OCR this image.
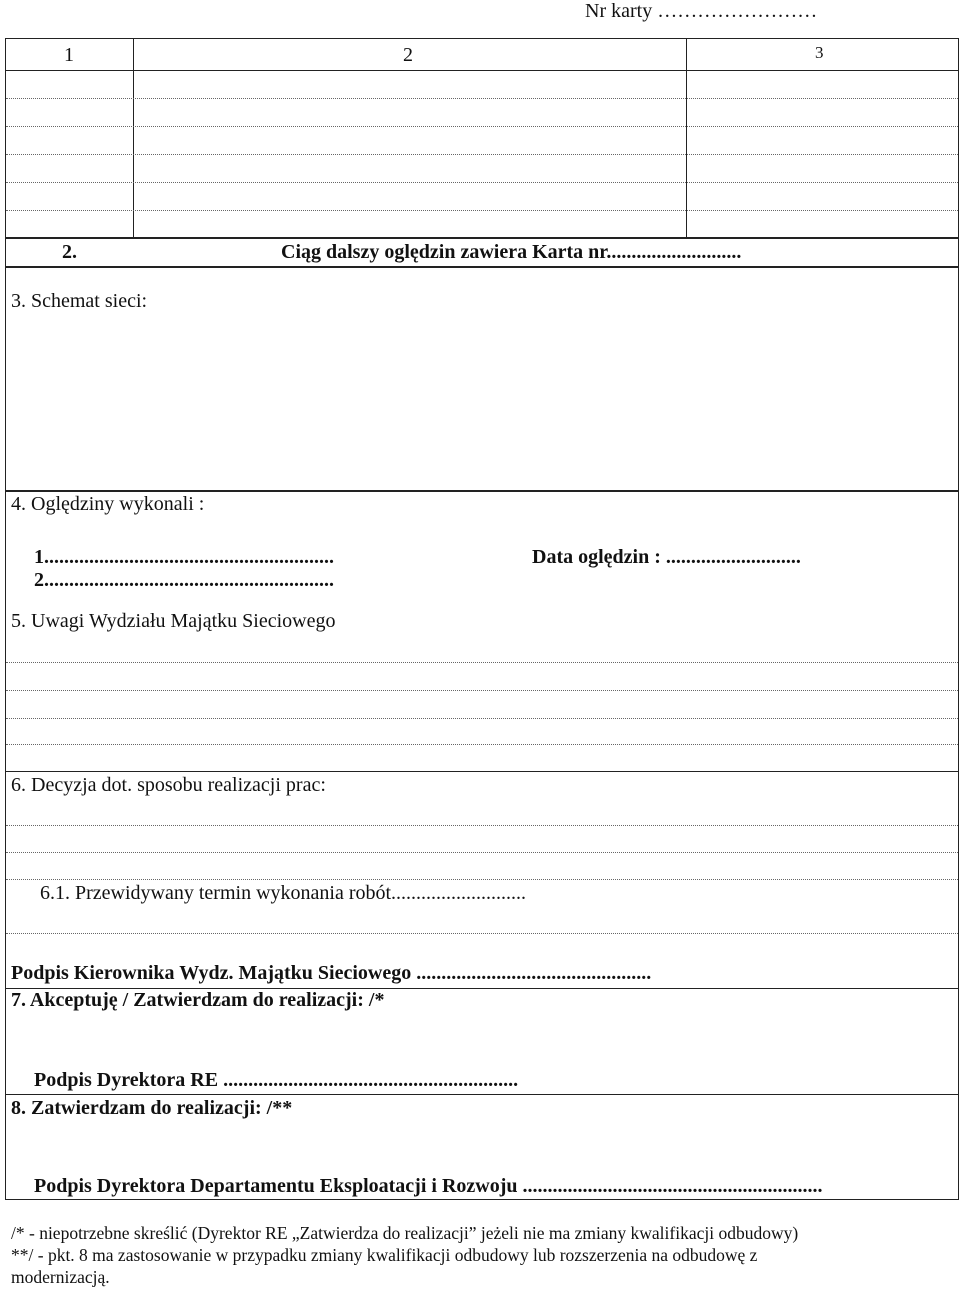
Nr karty ……………………
1	2	3
2.	Ciąg dalszy oględzin zawiera Karta nr...........................
3. Schemat sieci:
4. Oględziny wykonali :
1..........................................................	Data oględzin : ...........................
2..........................................................
5. Uwagi Wydziału Majątku Sieciowego
6. Decyzja dot. sposobu realizacji prac:
6.1. Przewidywany termin wykonania robót...........................
Podpis Kierownika Wydz. Majątku Sieciowego ...............................................
7. Akceptuję / Zatwierdzam do realizacji: /*
Podpis Dyrektora RE ...........................................................
8. Zatwierdzam do realizacji: /**
Podpis Dyrektora Departamentu Eksploatacji i Rozwoju ............................................................
/* - niepotrzebne skreślić (Dyrektor RE „Zatwierdza do realizacji” jeżeli nie ma zmiany kwalifikacji odbudowy)
**/ - pkt. 8 ma zastosowanie w przypadku zmiany kwalifikacji odbudowy lub rozszerzenia na odbudowę z
modernizacją.
